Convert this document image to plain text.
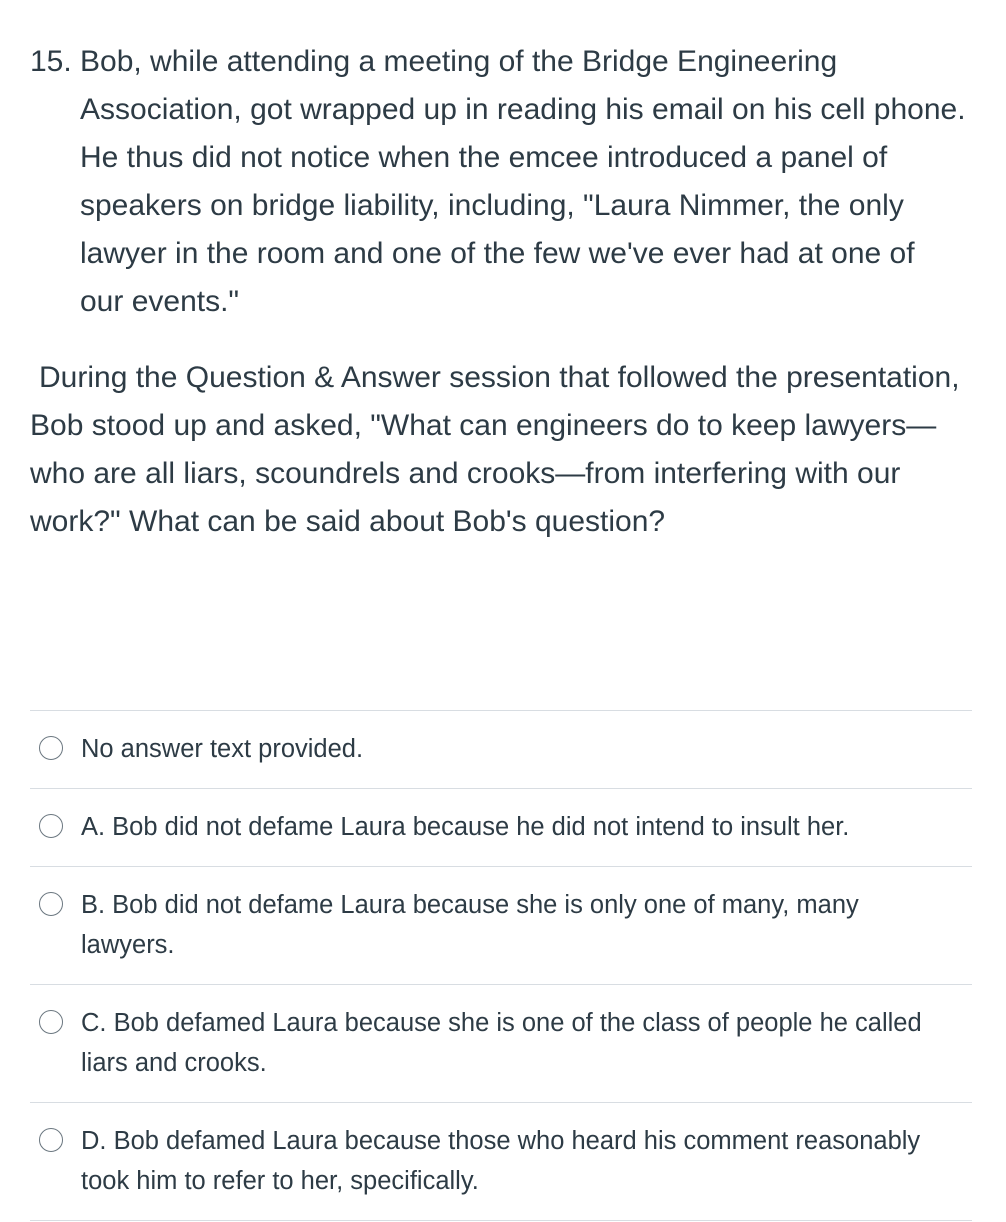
15. Bob, while attending a meeting of the Bridge Engineering Association, got wrapped up in reading his email on his cell phone. He thus did not notice when the emcee introduced a panel of speakers on bridge liability, including, "Laura Nimmer, the only lawyer in the room and one of the few we've ever had at one of our events."
During the Question & Answer session that followed the presentation, Bob stood up and asked, "What can engineers do to keep lawyers—who are all liars, scoundrels and crooks—from interfering with our work?" What can be said about Bob's question?
No answer text provided.
A. Bob did not defame Laura because he did not intend to insult her.
B. Bob did not defame Laura because she is only one of many, many lawyers.
C. Bob defamed Laura because she is one of the class of people he called liars and crooks.
D. Bob defamed Laura because those who heard his comment reasonably took him to refer to her, specifically.
